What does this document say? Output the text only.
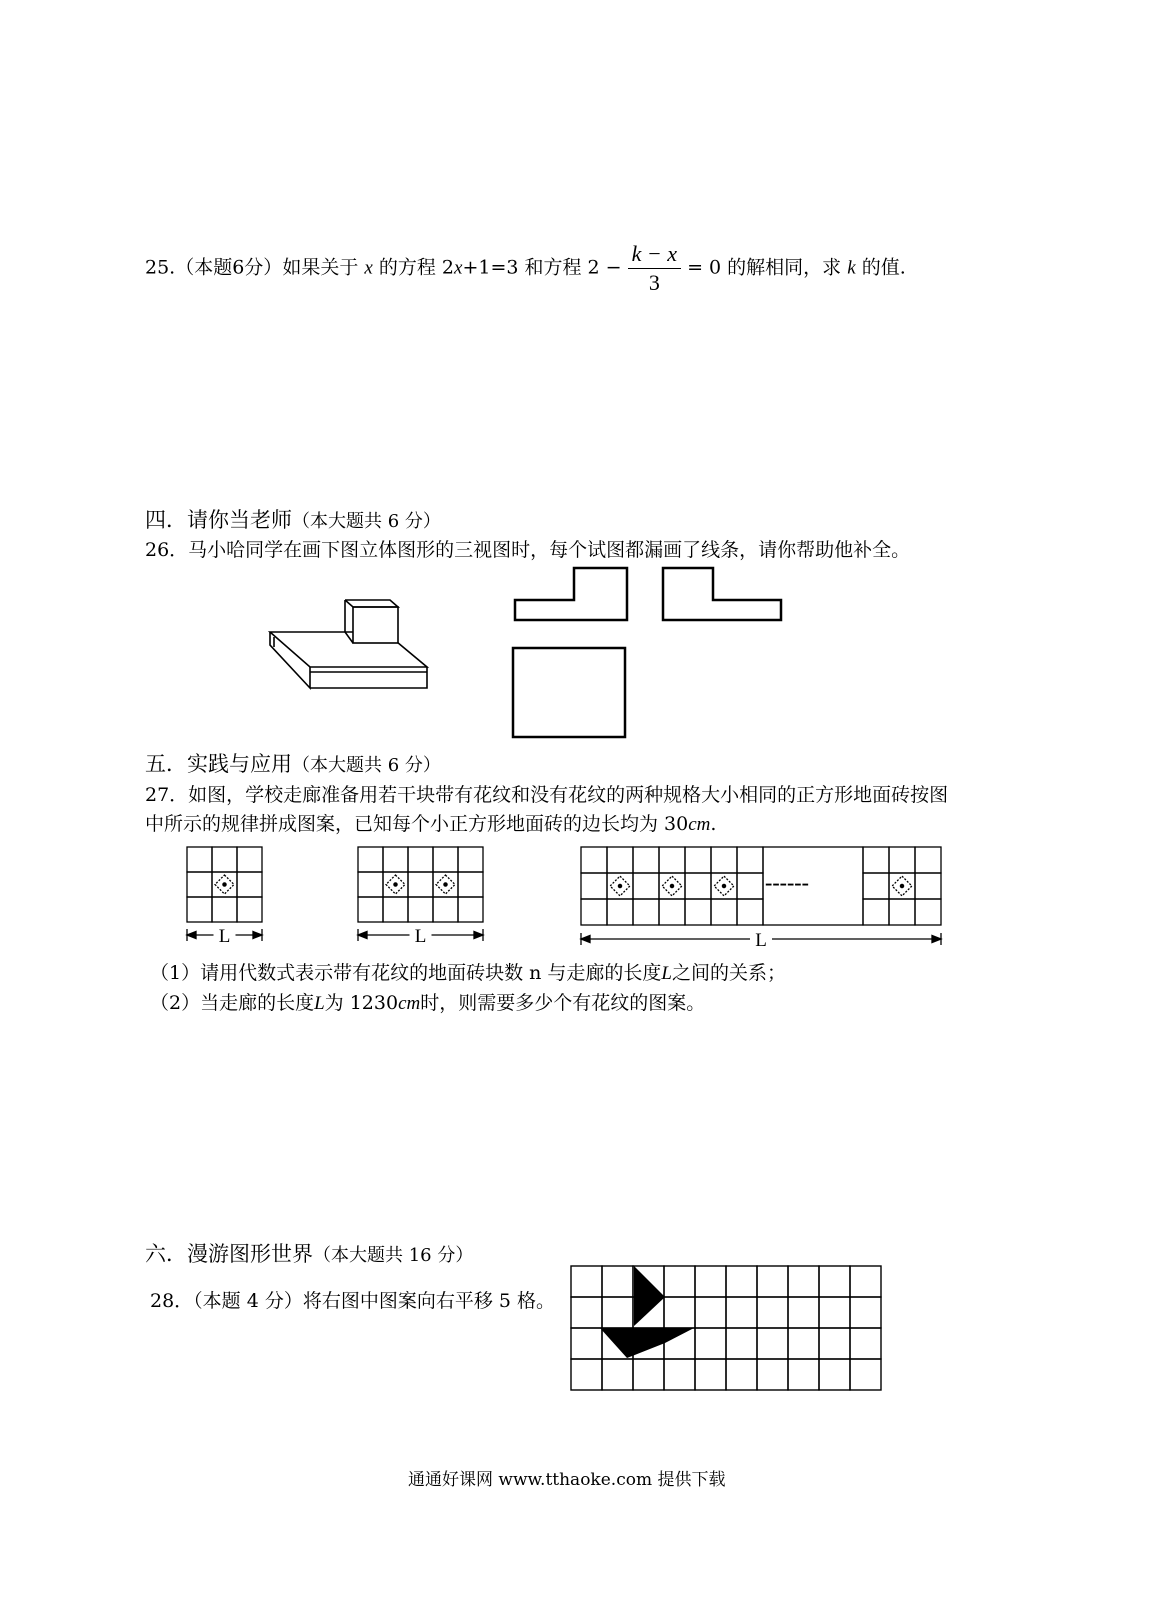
25.（本题6分）如果关于 x 的方程 2x+1=3 和方程 $2 - \frac{k - x}{3} = 0$ 的解相同，求 k 的值.
四．请你当老师（本大题共 6 分）
26．马小哈同学在画下图立体图形的三视图时，每个试图都漏画了线条，请你帮助他补全。
五．实践与应用（本大题共 6 分）
27．如图，学校走廊准备用若干块带有花纹和没有花纹的两种规格大小相同的正方形地面砖按图
中所示的规律拼成图案，已知每个小正方形地面砖的边长均为 30cm.
L	L	L
------
（1）请用代数式表示带有花纹的地面砖块数 n 与走廊的长度L之间的关系；
（2）当走廊的长度L为 1230cm时，则需要多少个有花纹的图案。
六．漫游图形世界（本大题共 16 分）
28．（本题 4 分）将右图中图案向右平移 5 格。
通通好课网 www.tthaoke.com 提供下载
